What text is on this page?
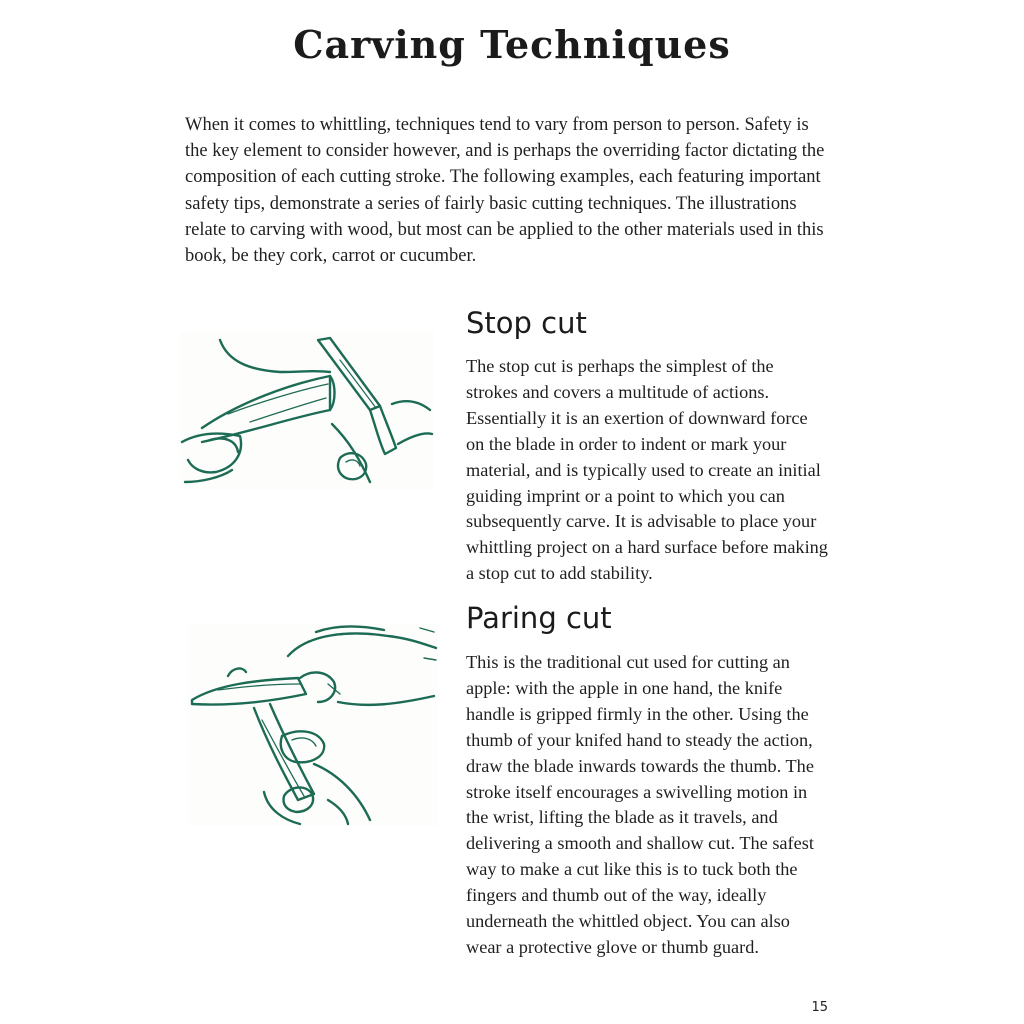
Carving Techniques

When it comes to whittling, techniques tend to vary from person to person. Safety is the key element to consider however, and is perhaps the overriding factor dictating the composition of each cutting stroke. The following examples, each featuring important safety tips, demonstrate a series of fairly basic cutting techniques. The illustrations relate to carving with wood, but most can be applied to the other materials used in this book, be they cork, carrot or cucumber.

Stop cut

The stop cut is perhaps the simplest of the strokes and covers a multitude of actions. Essentially it is an exertion of downward force on the blade in order to indent or mark your material, and is typically used to create an initial guiding imprint or a point to which you can subsequently carve. It is advisable to place your whittling project on a hard surface before making a stop cut to add stability.

Paring cut

This is the traditional cut used for cutting an apple: with the apple in one hand, the knife handle is gripped firmly in the other. Using the thumb of your knifed hand to steady the action, draw the blade inwards towards the thumb. The stroke itself encourages a swivelling motion in the wrist, lifting the blade as it travels, and delivering a smooth and shallow cut. The safest way to make a cut like this is to tuck both the fingers and thumb out of the way, ideally underneath the whittled object. You can also wear a protective glove or thumb guard.

15
